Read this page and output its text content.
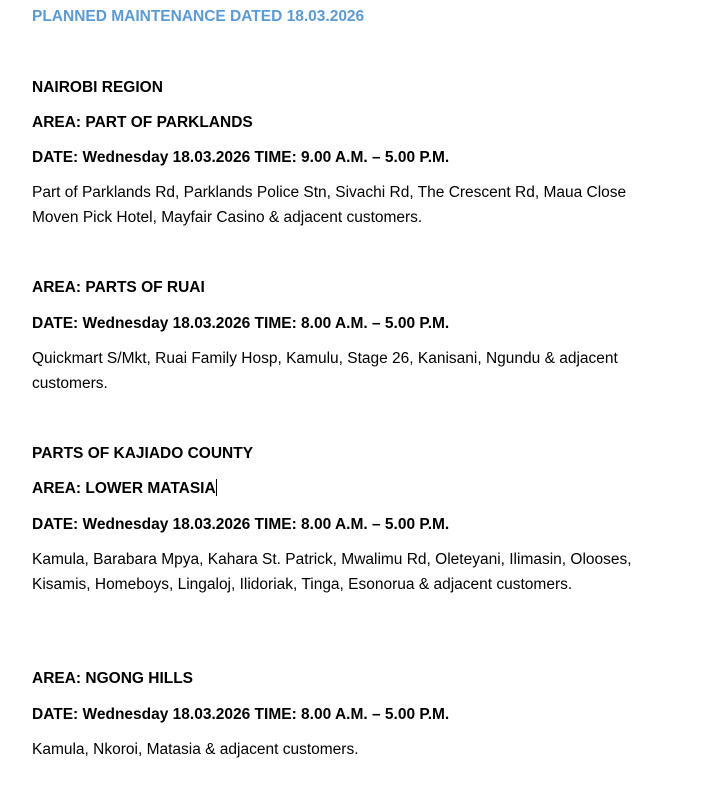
PLANNED MAINTENANCE DATED 18.03.2026
NAIROBI REGION
AREA: PART OF PARKLANDS
DATE: Wednesday 18.03.2026 TIME: 9.00 A.M. – 5.00 P.M.
Part of Parklands Rd, Parklands Police Stn, Sivachi Rd, The Crescent Rd, Maua Close Moven Pick Hotel, Mayfair Casino & adjacent customers.
AREA: PARTS OF RUAI
DATE: Wednesday 18.03.2026 TIME: 8.00 A.M. – 5.00 P.M.
Quickmart S/Mkt, Ruai Family Hosp, Kamulu, Stage 26, Kanisani, Ngundu & adjacent customers.
PARTS OF KAJIADO COUNTY
AREA: LOWER MATASIA
DATE: Wednesday 18.03.2026 TIME: 8.00 A.M. – 5.00 P.M.
Kamula, Barabara Mpya, Kahara St. Patrick, Mwalimu Rd, Oleteyani, Ilimasin, Olooses, Kisamis, Homeboys, Lingaloj, Ilidoriak, Tinga, Esonorua & adjacent customers.
AREA: NGONG HILLS
DATE: Wednesday 18.03.2026 TIME: 8.00 A.M. – 5.00 P.M.
Kamula, Nkoroi, Matasia & adjacent customers.
